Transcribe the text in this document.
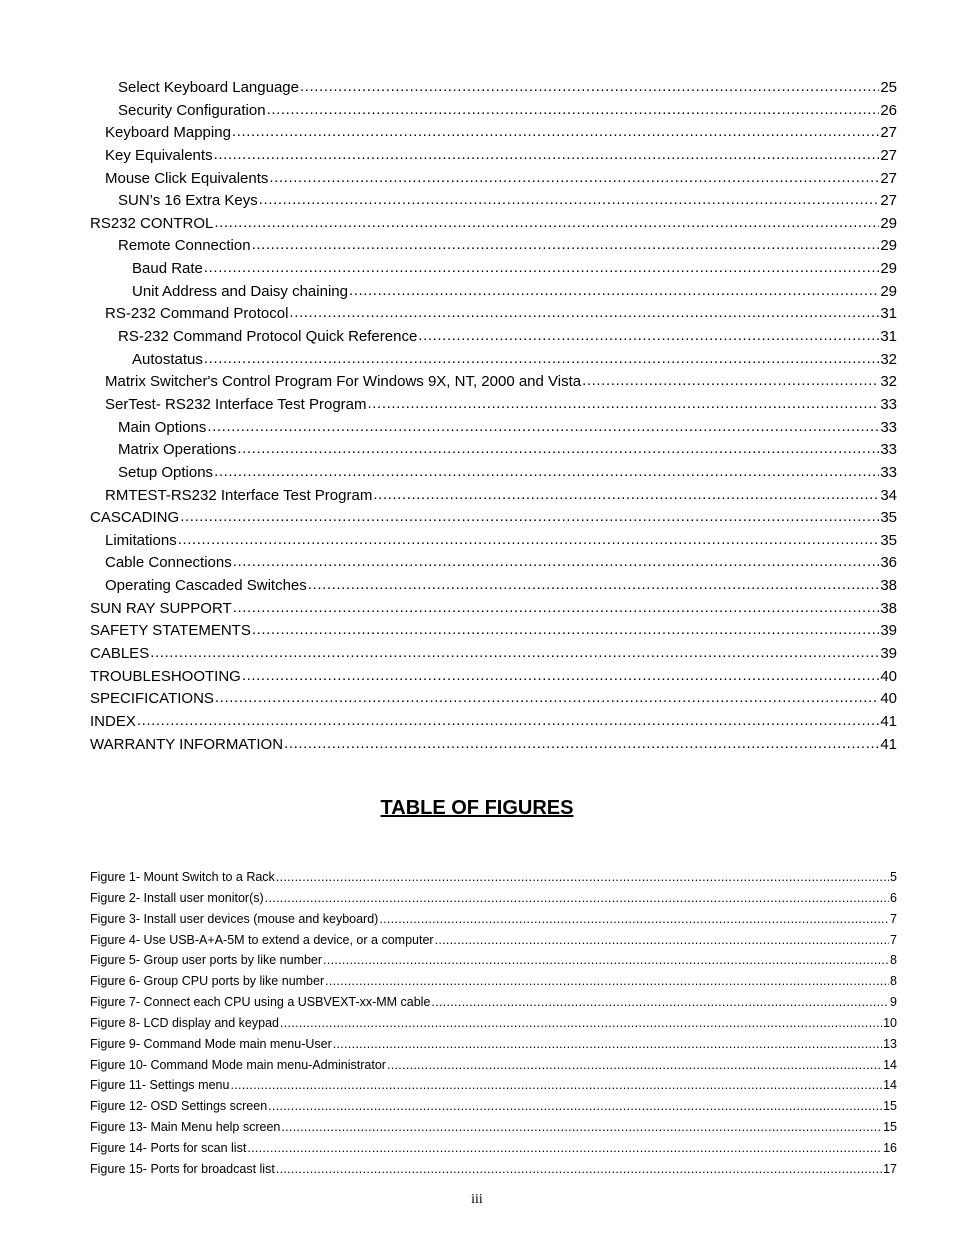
Select Keyboard Language .....	25
Security Configuration .....	26
Keyboard Mapping .....	27
Key Equivalents .....	27
Mouse Click Equivalents .....	27
SUN’s 16 Extra Keys .....	27
RS232 CONTROL .....	29
Remote Connection .....	29
Baud Rate .....	29
Unit Address and Daisy chaining .....	29
RS-232 Command Protocol .....	31
RS-232 Command Protocol Quick Reference .....	31
Autostatus .....	32
Matrix Switcher's Control Program For Windows 9X, NT, 2000 and Vista .....	32
SerTest- RS232 Interface Test Program .....	33
Main Options .....	33
Matrix Operations .....	33
Setup Options .....	33
RMTEST-RS232 Interface Test Program .....	34
CASCADING .....	35
Limitations .....	35
Cable Connections .....	36
Operating Cascaded Switches .....	38
SUN RAY SUPPORT .....	38
SAFETY STATEMENTS .....	39
CABLES .....	39
TROUBLESHOOTING .....	40
SPECIFICATIONS .....	40
INDEX .....	41
WARRANTY INFORMATION .....	41
TABLE OF FIGURES
Figure 1- Mount Switch to a Rack .....	5
Figure 2- Install user monitor(s) .....	6
Figure 3- Install user devices (mouse and keyboard) .....	7
Figure 4- Use USB-A+A-5M to extend a device, or a computer .....	7
Figure 5- Group user ports by like number .....	8
Figure 6- Group CPU ports by like number .....	8
Figure 7- Connect each CPU using a USBVEXT-xx-MM cable .....	9
Figure 8- LCD display and keypad .....	10
Figure 9- Command Mode main menu-User .....	13
Figure 10- Command Mode main menu-Administrator .....	14
Figure 11- Settings menu .....	14
Figure 12- OSD Settings screen .....	15
Figure 13- Main Menu help screen .....	15
Figure 14- Ports for scan list .....	16
Figure 15- Ports for broadcast list .....	17
iii
